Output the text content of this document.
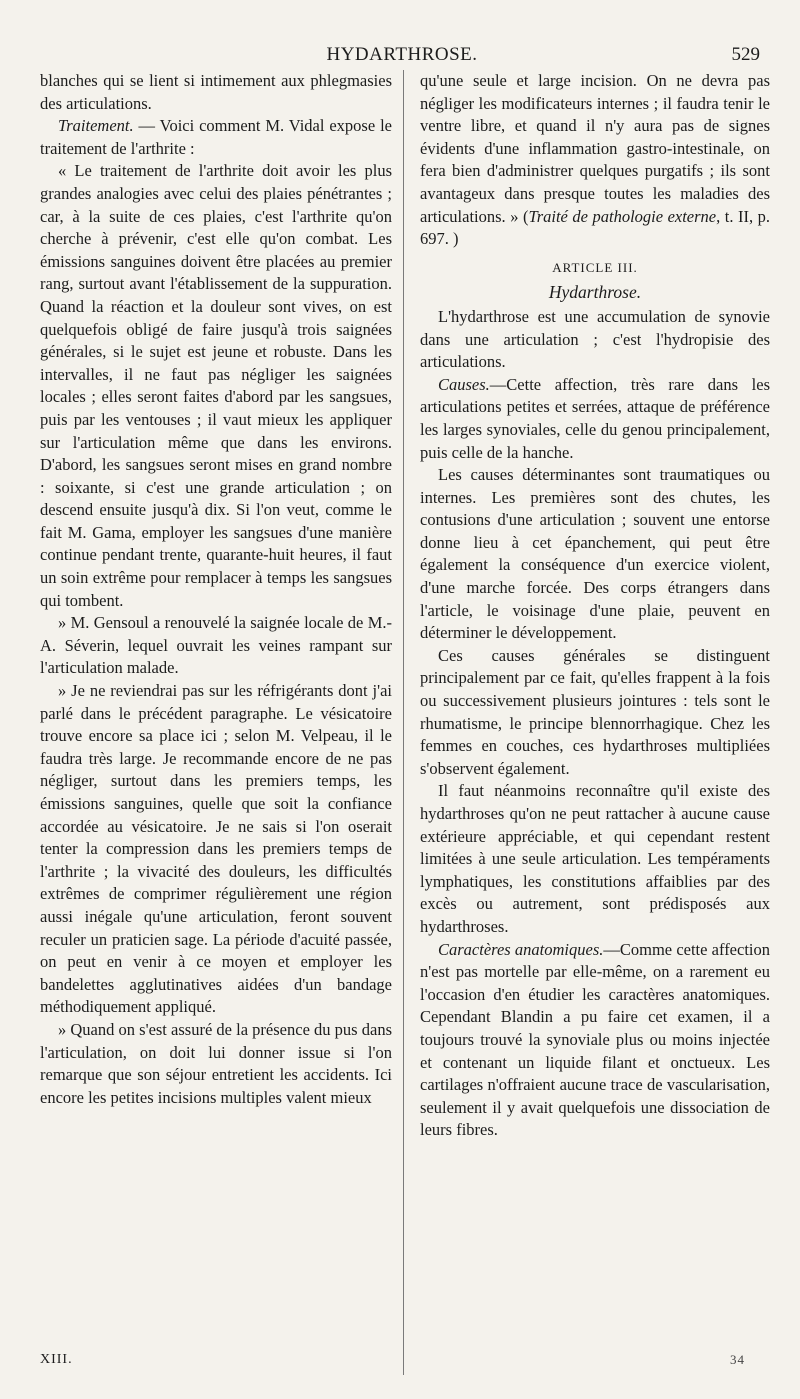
HYDARTHROSE.	529

blanches qui se lient si intimement aux phlegmasies des articulations.

Traitement. — Voici comment M. Vidal expose le traitement de l'arthrite :

« Le traitement de l'arthrite doit avoir les plus grandes analogies avec celui des plaies pénétrantes ; car, à la suite de ces plaies, c'est l'arthrite qu'on cherche à prévenir, c'est elle qu'on combat. Les émissions sanguines doivent être placées au premier rang, surtout avant l'établissement de la suppuration. Quand la réaction et la douleur sont vives, on est quelquefois obligé de faire jusqu'à trois saignées générales, si le sujet est jeune et robuste. Dans les intervalles, il ne faut pas négliger les saignées locales ; elles seront faites d'abord par les sangsues, puis par les ventouses ; il vaut mieux les appliquer sur l'articulation même que dans les environs. D'abord, les sangsues seront mises en grand nombre : soixante, si c'est une grande articulation ; on descend ensuite jusqu'à dix. Si l'on veut, comme le fait M. Gama, employer les sangsues d'une manière continue pendant trente, quarante-huit heures, il faut un soin extrême pour remplacer à temps les sangsues qui tombent.

» M. Gensoul a renouvelé la saignée locale de M.-A. Séverin, lequel ouvrait les veines rampant sur l'articulation malade.

» Je ne reviendrai pas sur les réfrigérants dont j'ai parlé dans le précédent paragraphe. Le vésicatoire trouve encore sa place ici ; selon M. Velpeau, il le faudra très large. Je recommande encore de ne pas négliger, surtout dans les premiers temps, les émissions sanguines, quelle que soit la confiance accordée au vésicatoire. Je ne sais si l'on oserait tenter la compression dans les premiers temps de l'arthrite ; la vivacité des douleurs, les difficultés extrêmes de comprimer régulièrement une région aussi inégale qu'une articulation, feront souvent reculer un praticien sage. La période d'acuité passée, on peut en venir à ce moyen et employer les bandelettes agglutinatives aidées d'un bandage méthodiquement appliqué.

» Quand on s'est assuré de la présence du pus dans l'articulation, on doit lui donner issue si l'on remarque que son séjour entretient les accidents. Ici encore les petites incisions multiples valent mieux

qu'une seule et large incision. On ne devra pas négliger les modificateurs internes ; il faudra tenir le ventre libre, et quand il n'y aura pas de signes évidents d'une inflammation gastro-intestinale, on fera bien d'administrer quelques purgatifs ; ils sont avantageux dans presque toutes les maladies des articulations. » (Traité de pathologie externe, t. II, p. 697. )

ARTICLE III.

Hydarthrose.

L'hydarthrose est une accumulation de synovie dans une articulation ; c'est l'hydropisie des articulations.

Causes.—Cette affection, très rare dans les articulations petites et serrées, attaque de préférence les larges synoviales, celle du genou principalement, puis celle de la hanche.

Les causes déterminantes sont traumatiques ou internes. Les premières sont des chutes, les contusions d'une articulation ; souvent une entorse donne lieu à cet épanchement, qui peut être également la conséquence d'un exercice violent, d'une marche forcée. Des corps étrangers dans l'article, le voisinage d'une plaie, peuvent en déterminer le développement.

Ces causes générales se distinguent principalement par ce fait, qu'elles frappent à la fois ou successivement plusieurs jointures : tels sont le rhumatisme, le principe blennorrhagique. Chez les femmes en couches, ces hydarthroses multipliées s'observent également.

Il faut néanmoins reconnaître qu'il existe des hydarthroses qu'on ne peut rattacher à aucune cause extérieure appréciable, et qui cependant restent limitées à une seule articulation. Les tempéraments lymphatiques, les constitutions affaiblies par des excès ou autrement, sont prédisposés aux hydarthroses.

Caractères anatomiques.—Comme cette affection n'est pas mortelle par elle-même, on a rarement eu l'occasion d'en étudier les caractères anatomiques. Cependant Blandin a pu faire cet examen, il a toujours trouvé la synoviale plus ou moins injectée et contenant un liquide filant et onctueux. Les cartilages n'offraient aucune trace de vascularisation, seulement il y avait quelquefois une dissociation de leurs fibres.

XIII.	34
